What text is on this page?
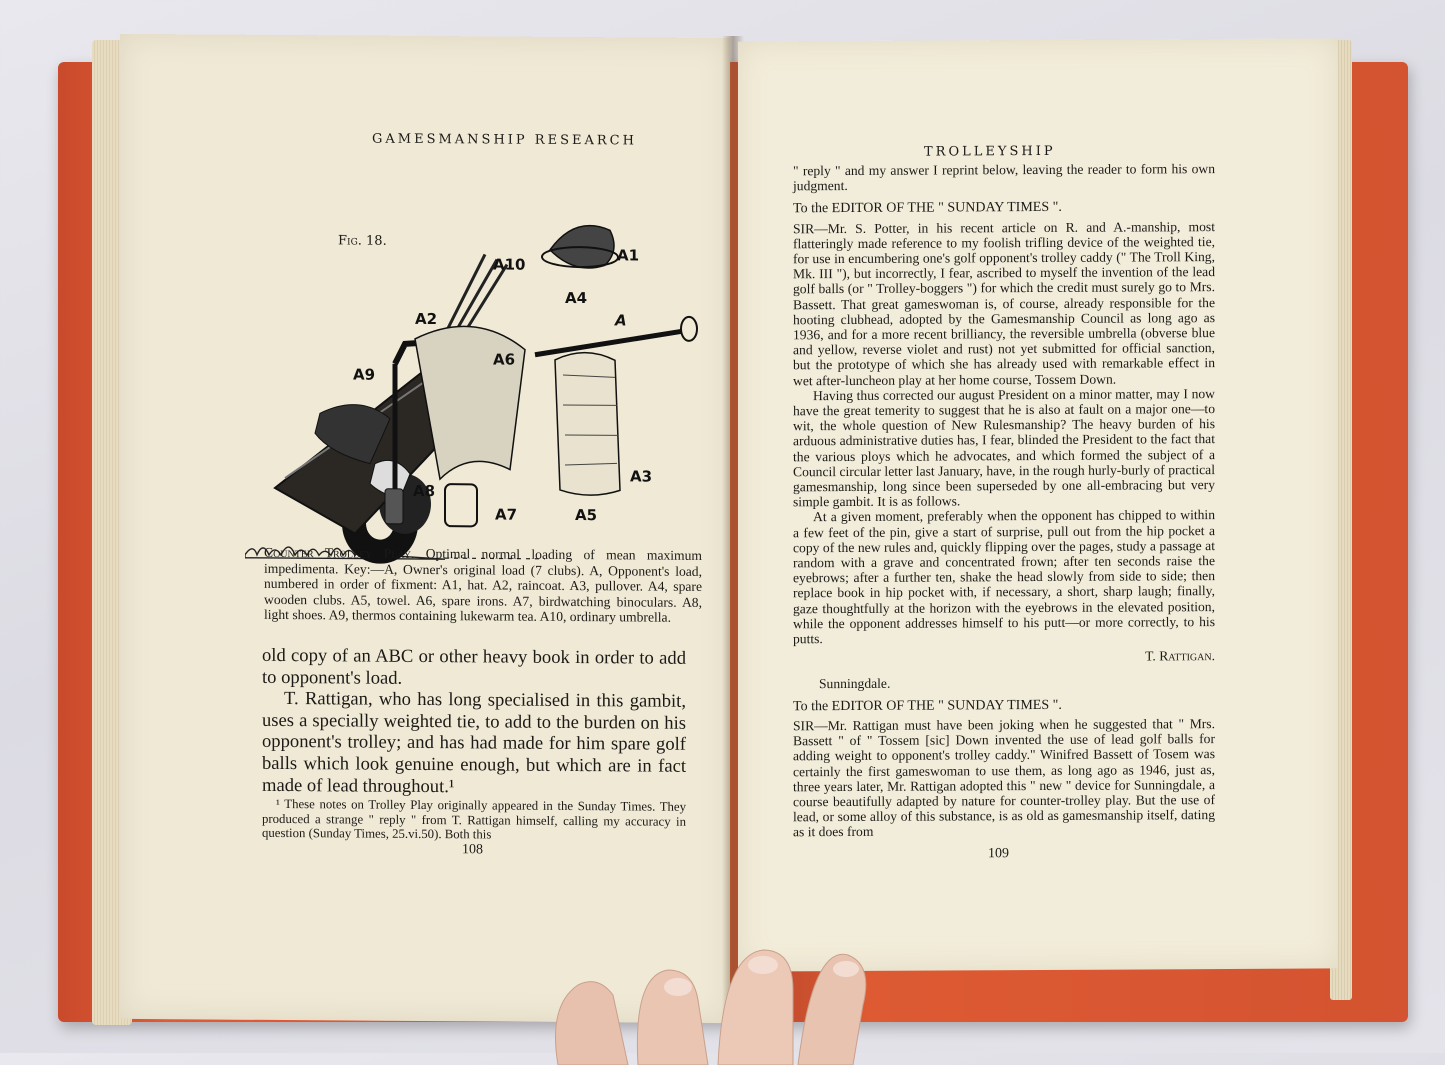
GAMESMANSHIP RESEARCH
Fig. 18.
A10
A1
A4
A
A2
A6
A9
A3
A8
A7	A5
Counter Trolley Play. Optimal normal loading of mean maximum impedimenta. Key:—A, Owner's original load (7 clubs). A, Opponent's load, numbered in order of fixment: A1, hat. A2, raincoat. A3, pullover. A4, spare wooden clubs. A5, towel. A6, spare irons. A7, birdwatching binoculars. A8, light shoes. A9, thermos containing lukewarm tea. A10, ordinary umbrella.

old copy of an ABC or other heavy book in order to add to opponent's load.

T. Rattigan, who has long specialised in this gambit, uses a specially weighted tie, to add to the burden on his opponent's trolley; and has had made for him spare golf balls which look genuine enough, but which are in fact made of lead throughout.¹

¹ These notes on Trolley Play originally appeared in the Sunday Times. They produced a strange " reply " from T. Rattigan himself, calling my accuracy in question (Sunday Times, 25.vi.50). Both this
108
TROLLEYSHIP

" reply " and my answer I reprint below, leaving the reader to form his own judgment.

To the EDITOR OF THE " SUNDAY TIMES ".

SIR—Mr. S. Potter, in his recent article on R. and A.-manship, most flatteringly made reference to my foolish trifling device of the weighted tie, for use in encumbering one's golf opponent's trolley caddy (" The Troll King, Mk. III "), but incorrectly, I fear, ascribed to myself the invention of the lead golf balls (or " Trolley-boggers ") for which the credit must surely go to Mrs. Bassett. That great gameswoman is, of course, already responsible for the hooting clubhead, adopted by the Gamesmanship Council as long ago as 1936, and for a more recent brilliancy, the reversible umbrella (obverse blue and yellow, reverse violet and rust) not yet submitted for official sanction, but the prototype of which she has already used with remarkable effect in wet after-luncheon play at her home course, Tossem Down.

Having thus corrected our august President on a minor matter, may I now have the great temerity to suggest that he is also at fault on a major one—to wit, the whole question of New Rulesmanship? The heavy burden of his arduous administrative duties has, I fear, blinded the President to the fact that the various ploys which he advocates, and which formed the subject of a Council circular letter last January, have, in the rough hurly-burly of practical gamesmanship, long since been superseded by one all-embracing but very simple gambit. It is as follows.

At a given moment, preferably when the opponent has chipped to within a few feet of the pin, give a start of surprise, pull out from the hip pocket a copy of the new rules and, quickly flipping over the pages, study a passage at random with a grave and concentrated frown; after ten seconds raise the eyebrows; after a further ten, shake the head slowly from side to side; then replace book in hip pocket with, if necessary, a short, sharp laugh; finally, gaze thoughtfully at the horizon with the eyebrows in the elevated position, while the opponent addresses himself to his putt—or more correctly, to his putts.

T. Rattigan.

Sunningdale.

To the EDITOR OF THE " SUNDAY TIMES ".

SIR—Mr. Rattigan must have been joking when he suggested that " Mrs. Bassett " of " Tossem [sic] Down invented the use of lead golf balls for adding weight to opponent's trolley caddy." Winifred Bassett of Tosem was certainly the first gameswoman to use them, as long ago as 1946, just as, three years later, Mr. Rattigan adopted this " new " device for Sunningdale, a course beautifully adapted by nature for counter-trolley play. But the use of lead, or some alloy of this substance, is as old as gamesmanship itself, dating as it does from

109
